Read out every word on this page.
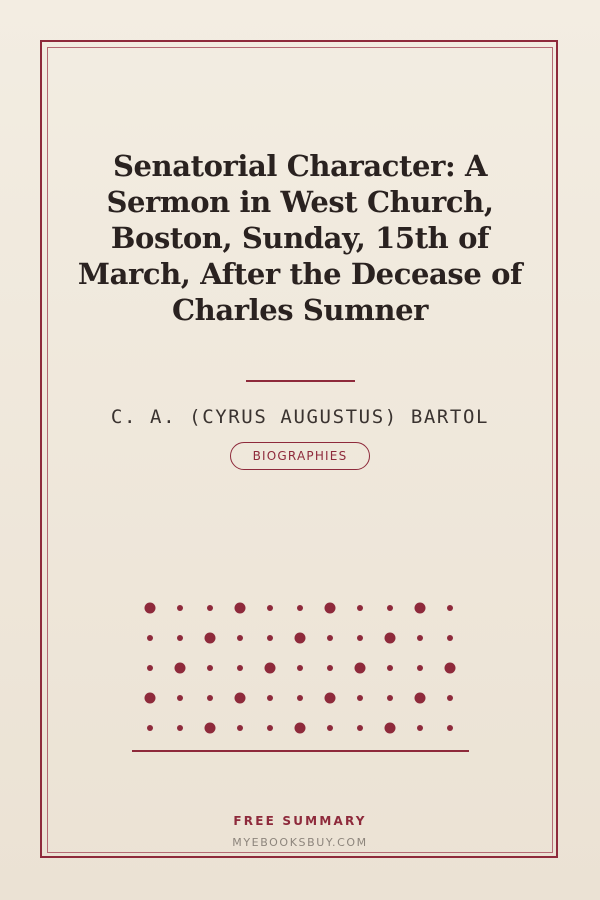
Senatorial Character: A Sermon in West Church, Boston, Sunday, 15th of March, After the Decease of Charles Sumner
C. A. (CYRUS AUGUSTUS) BARTOL
BIOGRAPHIES
FREE SUMMARY
MYEBOOKSBUY.COM
